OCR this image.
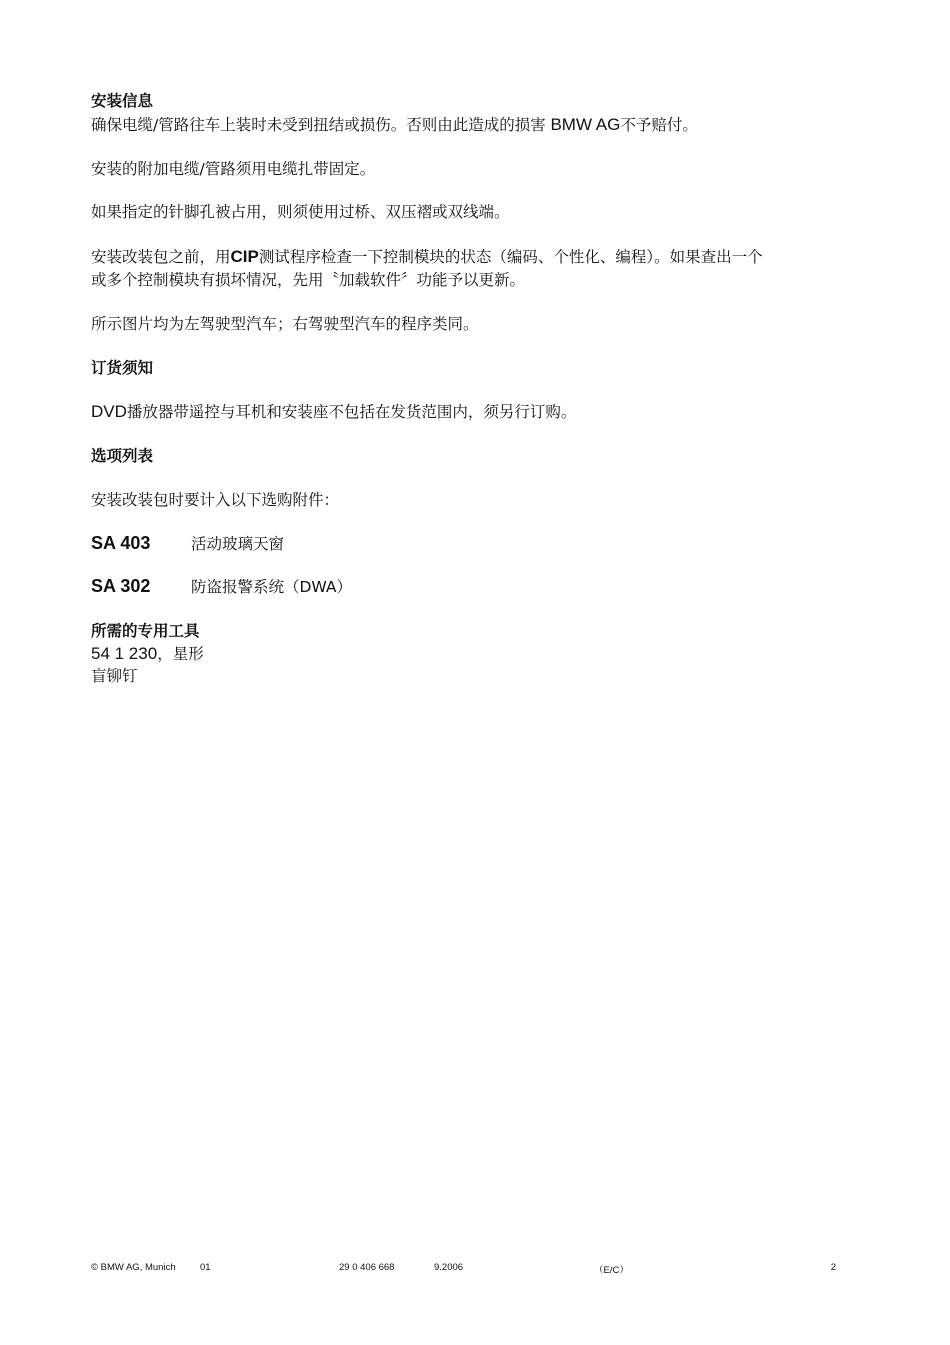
安装信息

确保电缆/管路往车上装时未受到扭结或损伤。否则由此造成的损害 BMW AG不予赔付。

安装的附加电缆/管路须用电缆扎带固定。

如果指定的针脚孔被占用，则须使用过桥、双压褶或双线端。

安装改装包之前，用CIP测试程序检查一下控制模块的状态（编码、个性化、编程）。如果查出一个

或多个控制模块有损坏情况，先用〝加载软件〞功能予以更新。

所示图片均为左驾驶型汽车；右驾驶型汽车的程序类同。

订货须知

DVD播放器带遥控与耳机和安装座不包括在发货范围内，须另行订购。

选项列表

安装改装包时要计入以下选购附件：

SA 403	活动玻璃天窗
SA 302	防盗报警系统（DWA）

所需的专用工具

54 1 230，星形

盲铆钉

© BMW AG, Munich	01	29 0 406 668	9.2006	（E/C）	2
